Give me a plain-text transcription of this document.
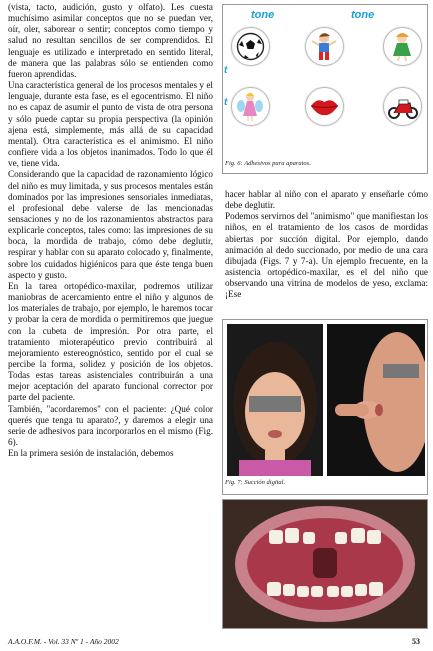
(vista, tacto, audición, gusto y olfato). Les cuesta muchísimo asimilar conceptos que no se puedan ver, oír, oler, saborear o sentir; conceptos como tiempo y salud no resultan sencillos de ser comprendidos. El lenguaje es utilizado e interpretado en sentido literal, de manera que las palabras sólo se entienden como fueron aprendidas.

Una característica general de los procesos mentales y el lenguaje, durante esta fase, es el egocentrismo. El niño no es capaz de asumir el punto de vista de otra persona y sólo puede captar su propia perspectiva (la opinión ajena está, simplemente, más allá de su capacidad mental). Otra característica es el animismo. El niño confiere vida a los objetos inanimados. Todo lo que él ve, tiene vida.

Considerando que la capacidad de razonamiento lógico del niño es muy limitada, y sus procesos mentales están dominados por las impresiones sensoriales inmediatas, el profesional debe valerse de las mencionadas sensaciones y no de los razonamientos abstractos para explicarle conceptos, tales como: las impresiones de su boca, la mordida de trabajo, cómo debe deglutir, respirar y hablar con su aparato colocado y, finalmente, sobre los cuidados higiénicos para que éste tenga buen aspecto y gusto.

En la tarea ortopédico-maxilar, podremos utilizar maniobras de acercamiento entre el niño y algunos de los materiales de trabajo, por ejemplo, le haremos tocar y probar la cera de mordida o permitiremos que juegue con la cubeta de impresión. Por otra parte, el tratamiento mioterapéutico previo contribuirá al mejoramiento estereognóstico, sentido por el cual se percibe la forma, solidez y posición de los objetos. Todas estas tareas asistenciales contribuirán a una mejor aceptación del aparato funcional corrector por parte del paciente.

También, "acordaremos" con el paciente: ¿Qué color querés que tenga tu aparato?, y daremos a elegir una serie de adhesivos para incorporarlos en el mismo (Fig. 6).

En la primera sesión de instalación, debemos

tone	tone
t
t
Fig. 6: Adhesivos para aparatos.

hacer hablar al niño con el aparato y enseñarle cómo debe deglutir.

Podemos servirnos del "animismo" que manifiestan los niños, en el tratamiento de los casos de mordidas abiertas por succión digital. Por ejemplo, dando animación al dedo succionado, por medio de una cara dibujada (Figs. 7 y 7-a). Un ejemplo frecuente, en la asistencia ortopédico-maxilar, es el del niño que observando una vitrina de modelos de yeso, exclama: ¡Ese

Fig. 7: Succión digital.
A.A.O.F.M. - Vol. 33 Nº 1 - Año 2002	53
